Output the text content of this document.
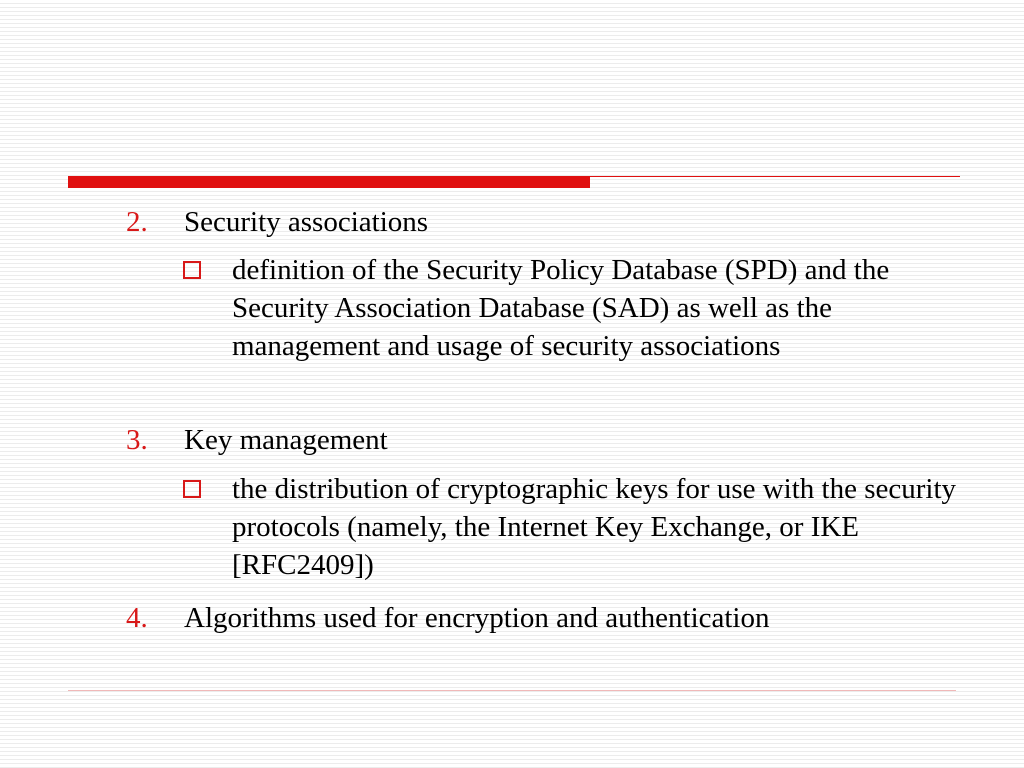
2. Security associations
definition of the Security Policy Database (SPD) and the Security Association Database (SAD) as well as the management and usage of security associations
3. Key management
the distribution of cryptographic keys for use with the security protocols (namely, the Internet Key Exchange, or IKE [RFC2409])
4. Algorithms used for encryption and authentication
